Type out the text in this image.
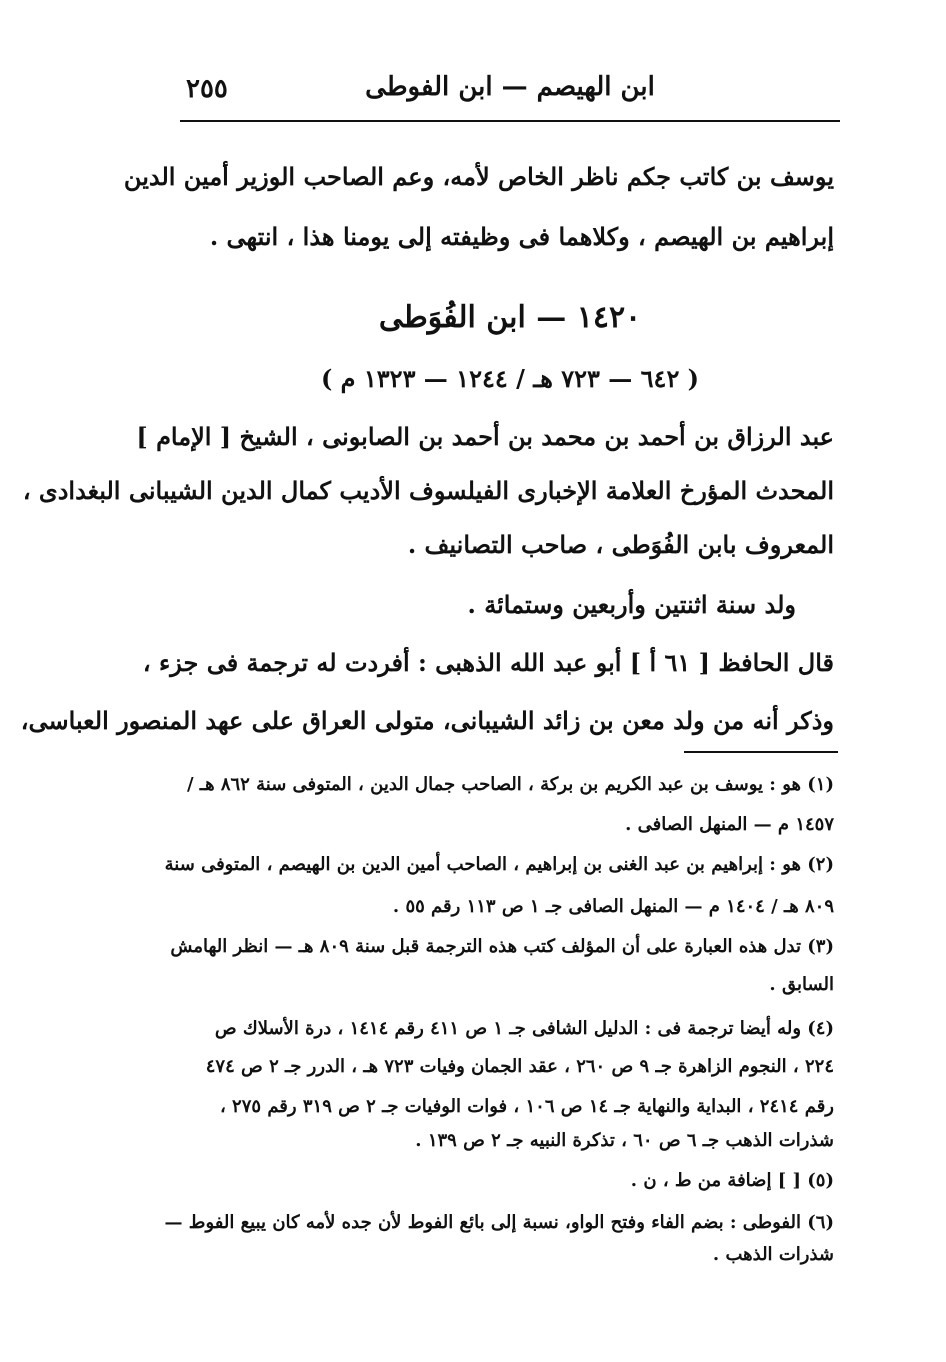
ابن الهيصم — ابن الفوطى
٢٥٥
يوسف بن كاتب جكم ناظر الخاص لأمه، وعم الصاحب الوزير أمين الدين
إبراهيم بن الهيصم ، وكلاهما فى وظيفته إلى يومنا هذا ، انتهى .
١٤٢٠ — ابن الفُوَطى
( ٦٤٢ — ٧٢٣ هـ / ١٢٤٤ — ١٣٢٣ م )
عبد الرزاق بن أحمد بن محمد بن أحمد بن الصابونى ، الشيخ [ الإمام ]
المحدث المؤرخ العلامة الإخبارى الفيلسوف الأديب كمال الدين الشيبانى البغدادى ،
المعروف بابن الفُوَطى ، صاحب التصانيف .
ولد سنة اثنتين وأربعين وستمائة .
قال الحافظ [ ٦١ أ ] أبو عبد الله الذهبى : أفردت له ترجمة فى جزء ،
وذكر أنه من ولد معن بن زائد الشيبانى، متولى العراق على عهد المنصور العباسى،
(١) هو : يوسف بن عبد الكريم بن بركة ، الصاحب جمال الدين ، المتوفى سنة ٨٦٢ هـ /
١٤٥٧ م — المنهل الصافى .
(٢) هو : إبراهيم بن عبد الغنى بن إبراهيم ، الصاحب أمين الدين بن الهيصم ، المتوفى سنة
٨٠٩ هـ / ١٤٠٤ م — المنهل الصافى جـ ١ ص ١١٣ رقم ٥٥ .
(٣) تدل هذه العبارة على أن المؤلف كتب هذه الترجمة قبل سنة ٨٠٩ هـ — انظر الهامش
السابق .
(٤) وله أيضا ترجمة فى : الدليل الشافى جـ ١ ص ٤١١ رقم ١٤١٤ ، درة الأسلاك ص
٢٢٤ ، النجوم الزاهرة جـ ٩ ص ٢٦٠ ، عقد الجمان وفيات ٧٢٣ هـ ، الدرر جـ ٢ ص ٤٧٤
رقم ٢٤١٤ ، البداية والنهاية جـ ١٤ ص ١٠٦ ، فوات الوفيات جـ ٢ ص ٣١٩ رقم ٢٧٥ ،
شذرات الذهب جـ ٦ ص ٦٠ ، تذكرة النبيه جـ ٢ ص ١٣٩ .
(٥) [ ] إضافة من ط ، ن .
(٦) الفوطى : بضم الفاء وفتح الواو، نسبة إلى بائع الفوط لأن جده لأمه كان يبيع الفوط —
شذرات الذهب .
